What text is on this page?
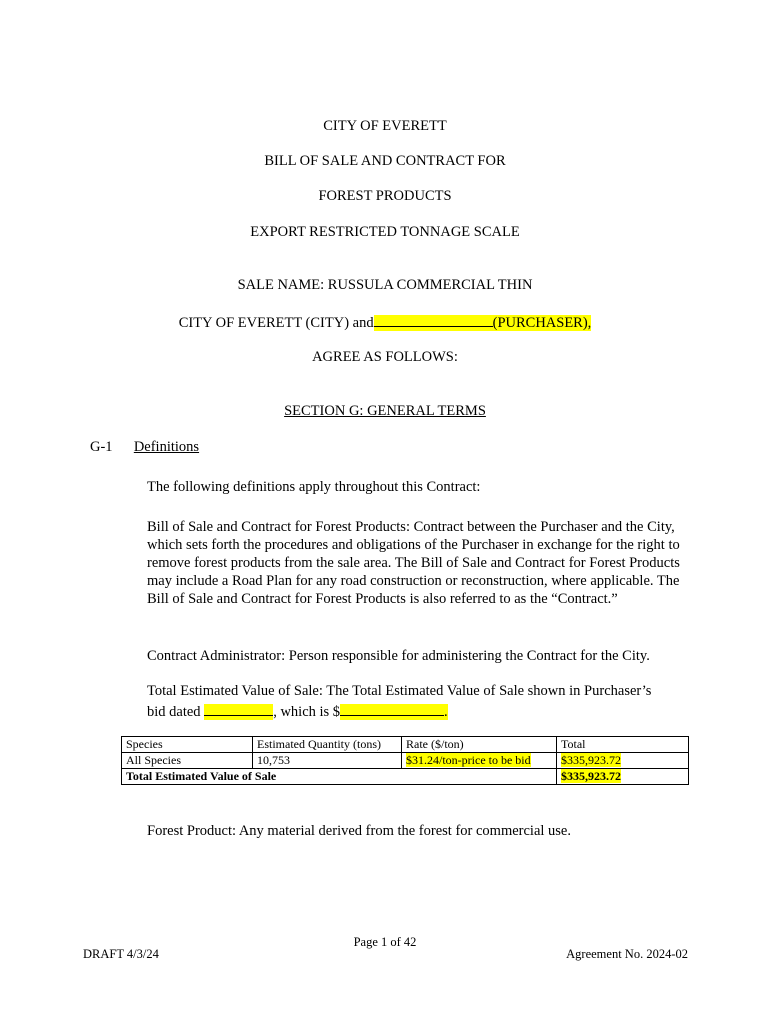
CITY OF EVERETT
BILL OF SALE AND CONTRACT FOR
FOREST PRODUCTS
EXPORT RESTRICTED TONNAGE SCALE
SALE NAME: RUSSULA COMMERCIAL THIN
CITY OF EVERETT (CITY) and	(PURCHASER),
AGREE AS FOLLOWS:
SECTION G: GENERAL TERMS
G-1 Definitions
The following definitions apply throughout this Contract:
Bill of Sale and Contract for Forest Products: Contract between the Purchaser and the City, which sets forth the procedures and obligations of the Purchaser in exchange for the right to remove forest products from the sale area. The Bill of Sale and Contract for Forest Products may include a Road Plan for any road construction or reconstruction, where applicable. The Bill of Sale and Contract for Forest Products is also referred to as the “Contract.”
Contract Administrator: Person responsible for administering the Contract for the City.
Total Estimated Value of Sale: The Total Estimated Value of Sale shown in Purchaser’s
bid dated	, which is $	.
Species	Estimated Quantity (tons)	Rate ($/ton)	Total
All Species	10,753	$31.24/ton-price to be bid	$335,923.72
Total Estimated Value of Sale			$335,923.72
Forest Product: Any material derived from the forest for commercial use.
Page 1 of 42
DRAFT 4/3/24	Agreement No. 2024-02
